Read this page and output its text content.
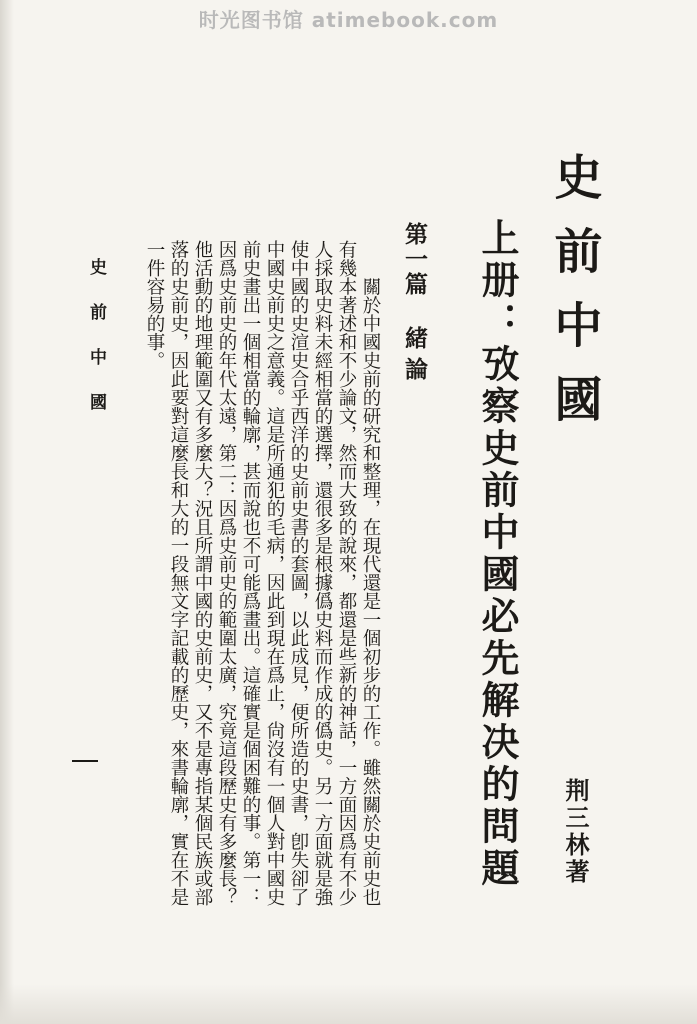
时光图书馆 atimebook.com
史前中國
上册：攷察史前中國必先解决的問題 荆三林著
第一篇
緒論

關於中國史前的研究和整理，在現代還是一個初步的工作。雖然關於史前史也有幾本著述和不少論文，然而大致的說來，都還是些新的神話，一方面因爲有不少人採取史料未經相當的選擇，還很多是根據僞史料而作成的僞史。另一方面就是強使中國的史渲史合乎西洋的史前史書的套圖，以此成見，便所造的史書，卽失卻了中國史前史之意義。這是所通犯的毛病，因此到現在爲止，尙沒有一個人對中國史前史畫出一個相當的輪廓，甚而說也不可能爲畫出。這確實是個困難的事。第一：因爲史前史的年代太遠，第二：因爲史前史的範圍太廣，究竟這段歷史有多麼長？他活動的地理範圍又有多麼大？況且所謂中國的史前史，又不是專指某個民族或部落的史前史，因此要對這麼長和大的一段無文字記載的歷史，來書輪廓，實在不是一件容易的事。

史前中國
